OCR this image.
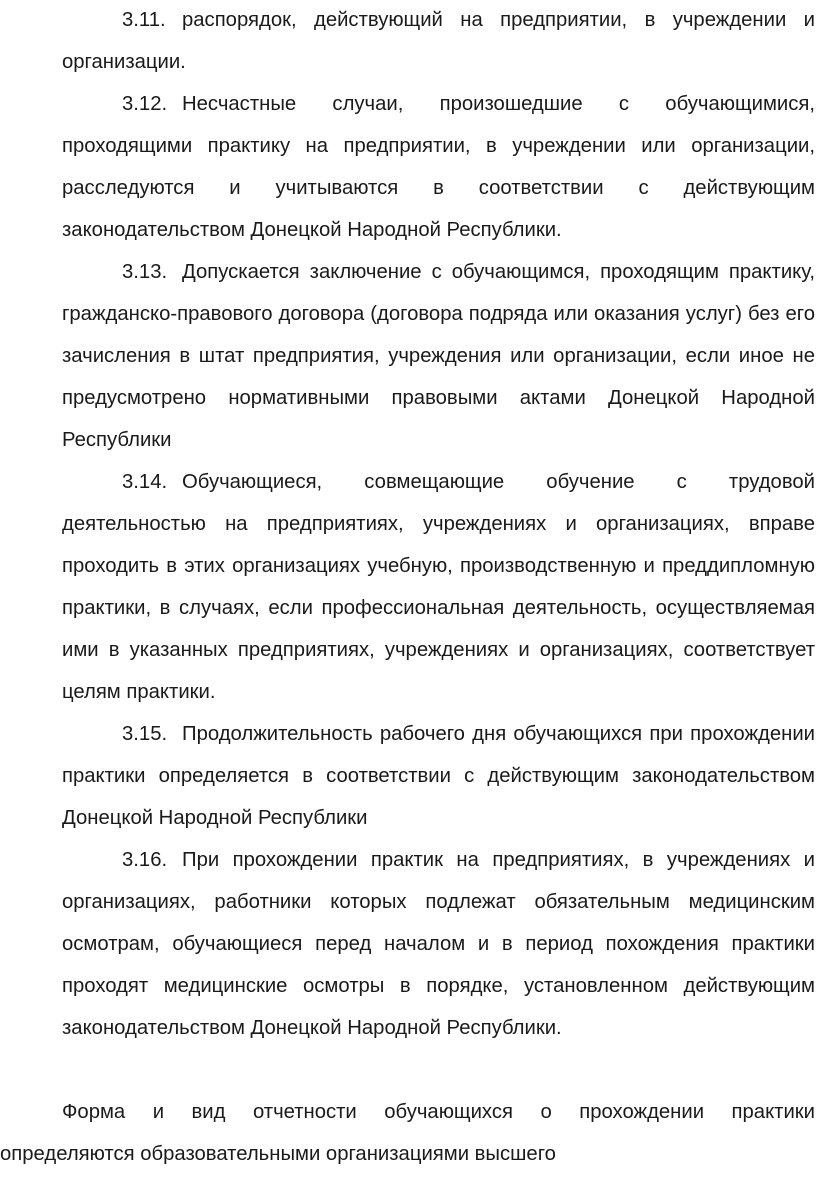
3.11. распорядок, действующий на предприятии, в учреждении и организации.

3.12. Несчастные случаи, произошедшие с обучающимися, проходящими практику на предприятии, в учреждении или организации, расследуются и учитываются в соответствии с действующим законодательством Донецкой Народной Республики.

3.13. Допускается заключение с обучающимся, проходящим практику, гражданско-правового договора (договора подряда или оказания услуг) без его зачисления в штат предприятия, учреждения или организации, если иное не предусмотрено нормативными правовыми актами Донецкой Народной Республики

3.14. Обучающиеся, совмещающие обучение с трудовой деятельностью на предприятиях, учреждениях и организациях, вправе проходить в этих организациях учебную, производственную и преддипломную практики, в случаях, если профессиональная деятельность, осуществляемая ими в указанных предприятиях, учреждениях и организациях, соответствует целям практики.

3.15. Продолжительность рабочего дня обучающихся при прохождении практики определяется в соответствии с действующим законодательством Донецкой Народной Республики

3.16. При прохождении практик на предприятиях, в учреждениях и организациях, работники которых подлежат обязательным медицинским осмотрам, обучающиеся перед началом и в период похождения практики проходят медицинские осмотры в порядке, установленном действующим законодательством Донецкой Народной Республики.

Форма и вид отчетности обучающихся о прохождении практики
определяются образовательными организациями высшего
